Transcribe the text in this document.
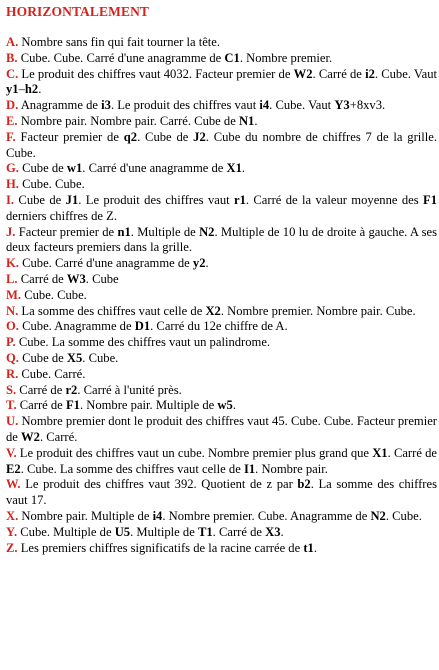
HORIZONTALEMENT

A. Nombre sans fin qui fait tourner la tête.

B. Cube. Cube. Carré d'une anagramme de C1. Nombre premier.

C. Le produit des chiffres vaut 4032. Facteur premier de W2. Carré de i2. Cube. Vaut y1–h2.

D. Anagramme de i3. Le produit des chiffres vaut i4. Cube. Vaut Y3+8xv3.

E. Nombre pair. Nombre pair. Carré. Cube de N1.

F. Facteur premier de q2. Cube de J2. Cube du nombre de chiffres 7 de la grille. Cube.

G. Cube de w1. Carré d'une anagramme de X1.

H. Cube. Cube.

I. Cube de J1. Le produit des chiffres vaut r1. Carré de la valeur moyenne des F1 derniers chiffres de Z.

J. Facteur premier de n1. Multiple de N2. Multiple de 10 lu de droite à gauche. A ses deux facteurs premiers dans la grille.

K. Cube. Carré d'une anagramme de y2.

L. Carré de W3. Cube

M. Cube. Cube.

N. La somme des chiffres vaut celle de X2. Nombre premier. Nombre pair. Cube.

O. Cube. Anagramme de D1. Carré du 12e chiffre de A.

P. Cube. La somme des chiffres vaut un palindrome.

Q. Cube de X5. Cube.

R. Cube. Carré.

S. Carré de r2. Carré à l'unité près.

T. Carré de F1. Nombre pair. Multiple de w5.

U. Nombre premier dont le produit des chiffres vaut 45. Cube. Cube. Facteur premier de W2. Carré.

V. Le produit des chiffres vaut un cube. Nombre premier plus grand que X1. Carré de E2. Cube. La somme des chiffres vaut celle de I1. Nombre pair.

W. Le produit des chiffres vaut 392. Quotient de z par b2. La somme des chiffres vaut 17.

X. Nombre pair. Multiple de i4. Nombre premier. Cube. Anagramme de N2. Cube.

Y. Cube. Multiple de U5. Multiple de T1. Carré de X3.

Z. Les premiers chiffres significatifs de la racine carrée de t1.
